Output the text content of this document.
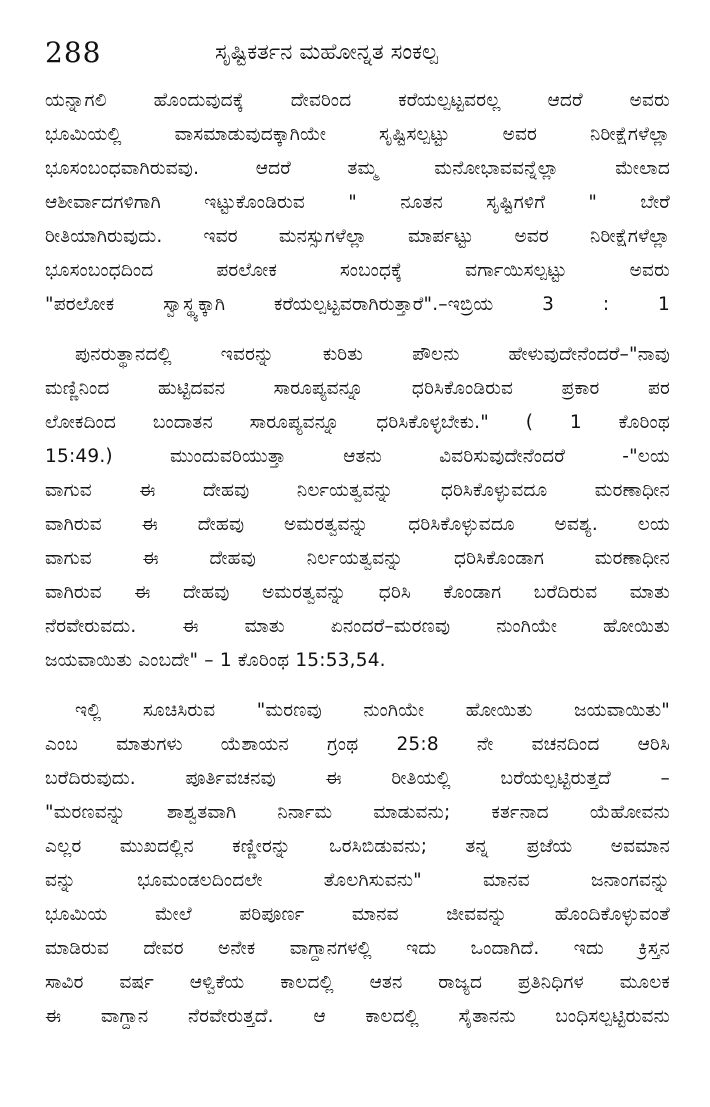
288	ಸೃಷ್ಟಿಕರ್ತನ ಮಹೋನ್ನತ ಸಂಕಲ್ಪ
ಯನ್ನಾಗಲಿ ಹೊಂದುವುದಕ್ಕೆ ದೇವರಿಂದ ಕರೆಯಲ್ಪಟ್ಟವರಲ್ಲ ಆದರೆ ಅವರು
ಭೂಮಿಯಲ್ಲಿ ವಾಸಮಾಡುವುದಕ್ಕಾಗಿಯೇ ಸೃಷ್ಟಿಸಲ್ಪಟ್ಟು ಅವರ ನಿರೀಕ್ಷೆಗಳೆಲ್ಲಾ
ಭೂಸಂಬಂಧವಾಗಿರುವವು. ಆದರೆ ತಮ್ಮ ಮನೋಭಾವವನ್ನೆಲ್ಲಾ ಮೇಲಾದ
ಆಶೀರ್ವಾದಗಳಿಗಾಗಿ ಇಟ್ಟುಕೊಂಡಿರುವ " ನೂತನ ಸೃಷ್ಟಿಗಳಿಗೆ " ಬೇರೆ
ರೀತಿಯಾಗಿರುವುದು. ಇವರ ಮನಸ್ಸುಗಳೆಲ್ಲಾ ಮಾರ್ಪಟ್ಟು ಅವರ ನಿರೀಕ್ಷೆಗಳೆಲ್ಲಾ
ಭೂಸಂಬಂಧದಿಂದ ಪರಲೋಕ ಸಂಬಂಧಕ್ಕೆ ವರ್ಗಾಯಿಸಲ್ಪಟ್ಟು ಅವರು
"ಪರಲೋಕ ಸ್ವಾಸ್ಥ್ಯಕ್ಕಾಗಿ ಕರೆಯಲ್ಪಟ್ಟವರಾಗಿರುತ್ತಾರೆ".–ಇಬ್ರಿಯ 3 : 1
ಪುನರುತ್ಥಾನದಲ್ಲಿ ಇವರನ್ನು ಕುರಿತು ಪೌಲನು ಹೇಳುವುದೇನೆಂದರೆ–"ನಾವು
ಮಣ್ಣಿನಿಂದ ಹುಟ್ಟಿದವನ ಸಾರೂಪ್ಯವನ್ನೂ ಧರಿಸಿಕೊಂಡಿರುವ ಪ್ರಕಾರ ಪರ
ಲೋಕದಿಂದ ಬಂದಾತನ ಸಾರೂಪ್ಯವನ್ನೂ ಧರಿಸಿಕೊಳ್ಳಬೇಕು." ( 1 ಕೊರಿಂಥ
15:49.) ಮುಂದುವರಿಯುತ್ತಾ ಆತನು ವಿವರಿಸುವುದೇನೆಂದರೆ -"ಲಯ
ವಾಗುವ ಈ ದೇಹವು ನಿರ್ಲಯತ್ವವನ್ನು ಧರಿಸಿಕೊಳ್ಳುವದೂ ಮರಣಾಧೀನ
ವಾಗಿರುವ ಈ ದೇಹವು ಅಮರತ್ವವನ್ನು ಧರಿಸಿಕೊಳ್ಳುವದೂ ಅವಶ್ಯ. ಲಯ
ವಾಗುವ ಈ ದೇಹವು ನಿರ್ಲಯತ್ವವನ್ನು ಧರಿಸಿಕೊಂಡಾಗ ಮರಣಾಧೀನ
ವಾಗಿರುವ ಈ ದೇಹವು ಅಮರತ್ವವನ್ನು ಧರಿಸಿ ಕೊಂಡಾಗ ಬರೆದಿರುವ ಮಾತು
ನೆರವೇರುವದು. ಈ ಮಾತು ಏನಂದರೆ–ಮರಣವು ನುಂಗಿಯೇ ಹೋಯಿತು
ಜಯವಾಯಿತು ಎಂಬದೇ" – 1 ಕೊರಿಂಥ 15:53,54.
ಇಲ್ಲಿ ಸೂಚಿಸಿರುವ "ಮರಣವು ನುಂಗಿಯೇ ಹೋಯಿತು ಜಯವಾಯಿತು"
ಎಂಬ ಮಾತುಗಳು ಯೆಶಾಯನ ಗ್ರಂಥ 25:8 ನೇ ವಚನದಿಂದ ಆರಿಸಿ
ಬರೆದಿರುವುದು. ಪೂರ್ತಿವಚನವು ಈ ರೀತಿಯಲ್ಲಿ ಬರೆಯಲ್ಪಟ್ಟಿರುತ್ತದೆ –
"ಮರಣವನ್ನು ಶಾಶ್ವತವಾಗಿ ನಿರ್ನಾಮ ಮಾಡುವನು; ಕರ್ತನಾದ ಯೆಹೋವನು
ಎಲ್ಲರ ಮುಖದಲ್ಲಿನ ಕಣ್ಣೀರನ್ನು ಒರಸಿಬಿಡುವನು; ತನ್ನ ಪ್ರಜೆಯ ಅವಮಾನ
ವನ್ನು ಭೂಮಂಡಲದಿಂದಲೇ ತೊಲಗಿಸುವನು" ಮಾನವ ಜನಾಂಗವನ್ನು
ಭೂಮಿಯ ಮೇಲೆ ಪರಿಪೂರ್ಣ ಮಾನವ ಜೀವವನ್ನು ಹೊಂದಿಕೊಳ್ಳುವಂತೆ
ಮಾಡಿರುವ ದೇವರ ಅನೇಕ ವಾಗ್ದಾನಗಳಲ್ಲಿ ಇದು ಒಂದಾಗಿದೆ. ಇದು ಕ್ರಿಸ್ತನ
ಸಾವಿರ ವರ್ಷ ಆಳ್ವಿಕೆಯ ಕಾಲದಲ್ಲಿ ಆತನ ರಾಜ್ಯದ ಪ್ರತಿನಿಧಿಗಳ ಮೂಲಕ
ಈ ವಾಗ್ದಾನ ನೆರವೇರುತ್ತದೆ. ಆ ಕಾಲದಲ್ಲಿ ಸೈತಾನನು ಬಂಧಿಸಲ್ಪಟ್ಟಿರುವನು
